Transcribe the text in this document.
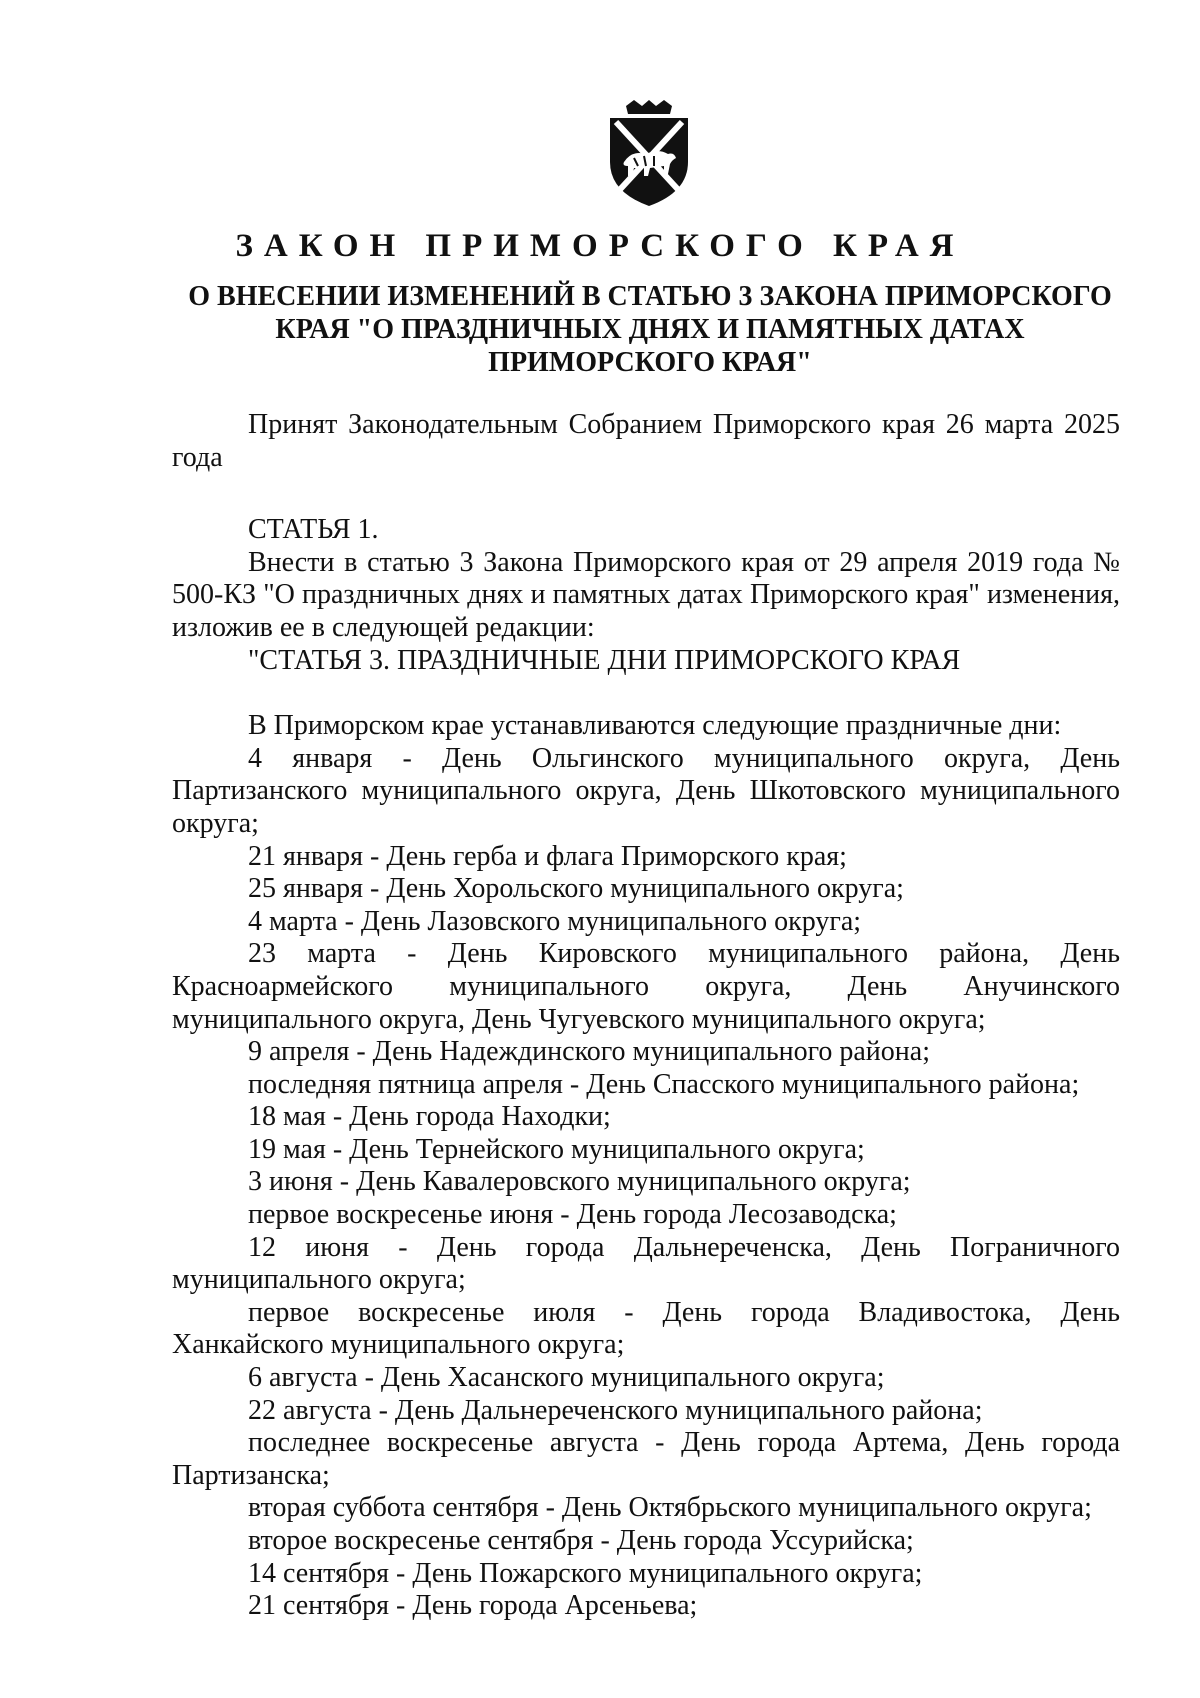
ЗАКОН ПРИМОРСКОГО КРАЯ
О ВНЕСЕНИИ ИЗМЕНЕНИЙ В СТАТЬЮ 3 ЗАКОНА ПРИМОРСКОГО
КРАЯ "О ПРАЗДНИЧНЫХ ДНЯХ И ПАМЯТНЫХ ДАТАХ
ПРИМОРСКОГО КРАЯ"

Принят Законодательным Собранием Приморского края 26 марта 2025 года

СТАТЬЯ 1.

Внести в статью 3 Закона Приморского края от 29 апреля 2019 года № 500-КЗ "О праздничных днях и памятных датах Приморского края" изменения, изложив ее в следующей редакции:

"СТАТЬЯ 3. ПРАЗДНИЧНЫЕ ДНИ ПРИМОРСКОГО КРАЯ

В Приморском крае устанавливаются следующие праздничные дни:

4 января - День Ольгинского муниципального округа, День Партизанского муниципального округа, День Шкотовского муниципального округа;

21 января - День герба и флага Приморского края;

25 января - День Хорольского муниципального округа;

4 марта - День Лазовского муниципального округа;

23 марта - День Кировского муниципального района, День Красноармейского муниципального округа, День Анучинского муниципального округа, День Чугуевского муниципального округа;

9 апреля - День Надеждинского муниципального района;

последняя пятница апреля - День Спасского муниципального района;

18 мая - День города Находки;

19 мая - День Тернейского муниципального округа;

3 июня - День Кавалеровского муниципального округа;

первое воскресенье июня - День города Лесозаводска;

12 июня - День города Дальнереченска, День Пограничного муниципального округа;

первое воскресенье июля - День города Владивостока, День Ханкайского муниципального округа;

6 августа - День Хасанского муниципального округа;

22 августа - День Дальнереченского муниципального района;

последнее воскресенье августа - День города Артема, День города Партизанска;

вторая суббота сентября - День Октябрьского муниципального округа;

второе воскресенье сентября - День города Уссурийска;

14 сентября - День Пожарского муниципального округа;

21 сентября - День города Арсеньева;
